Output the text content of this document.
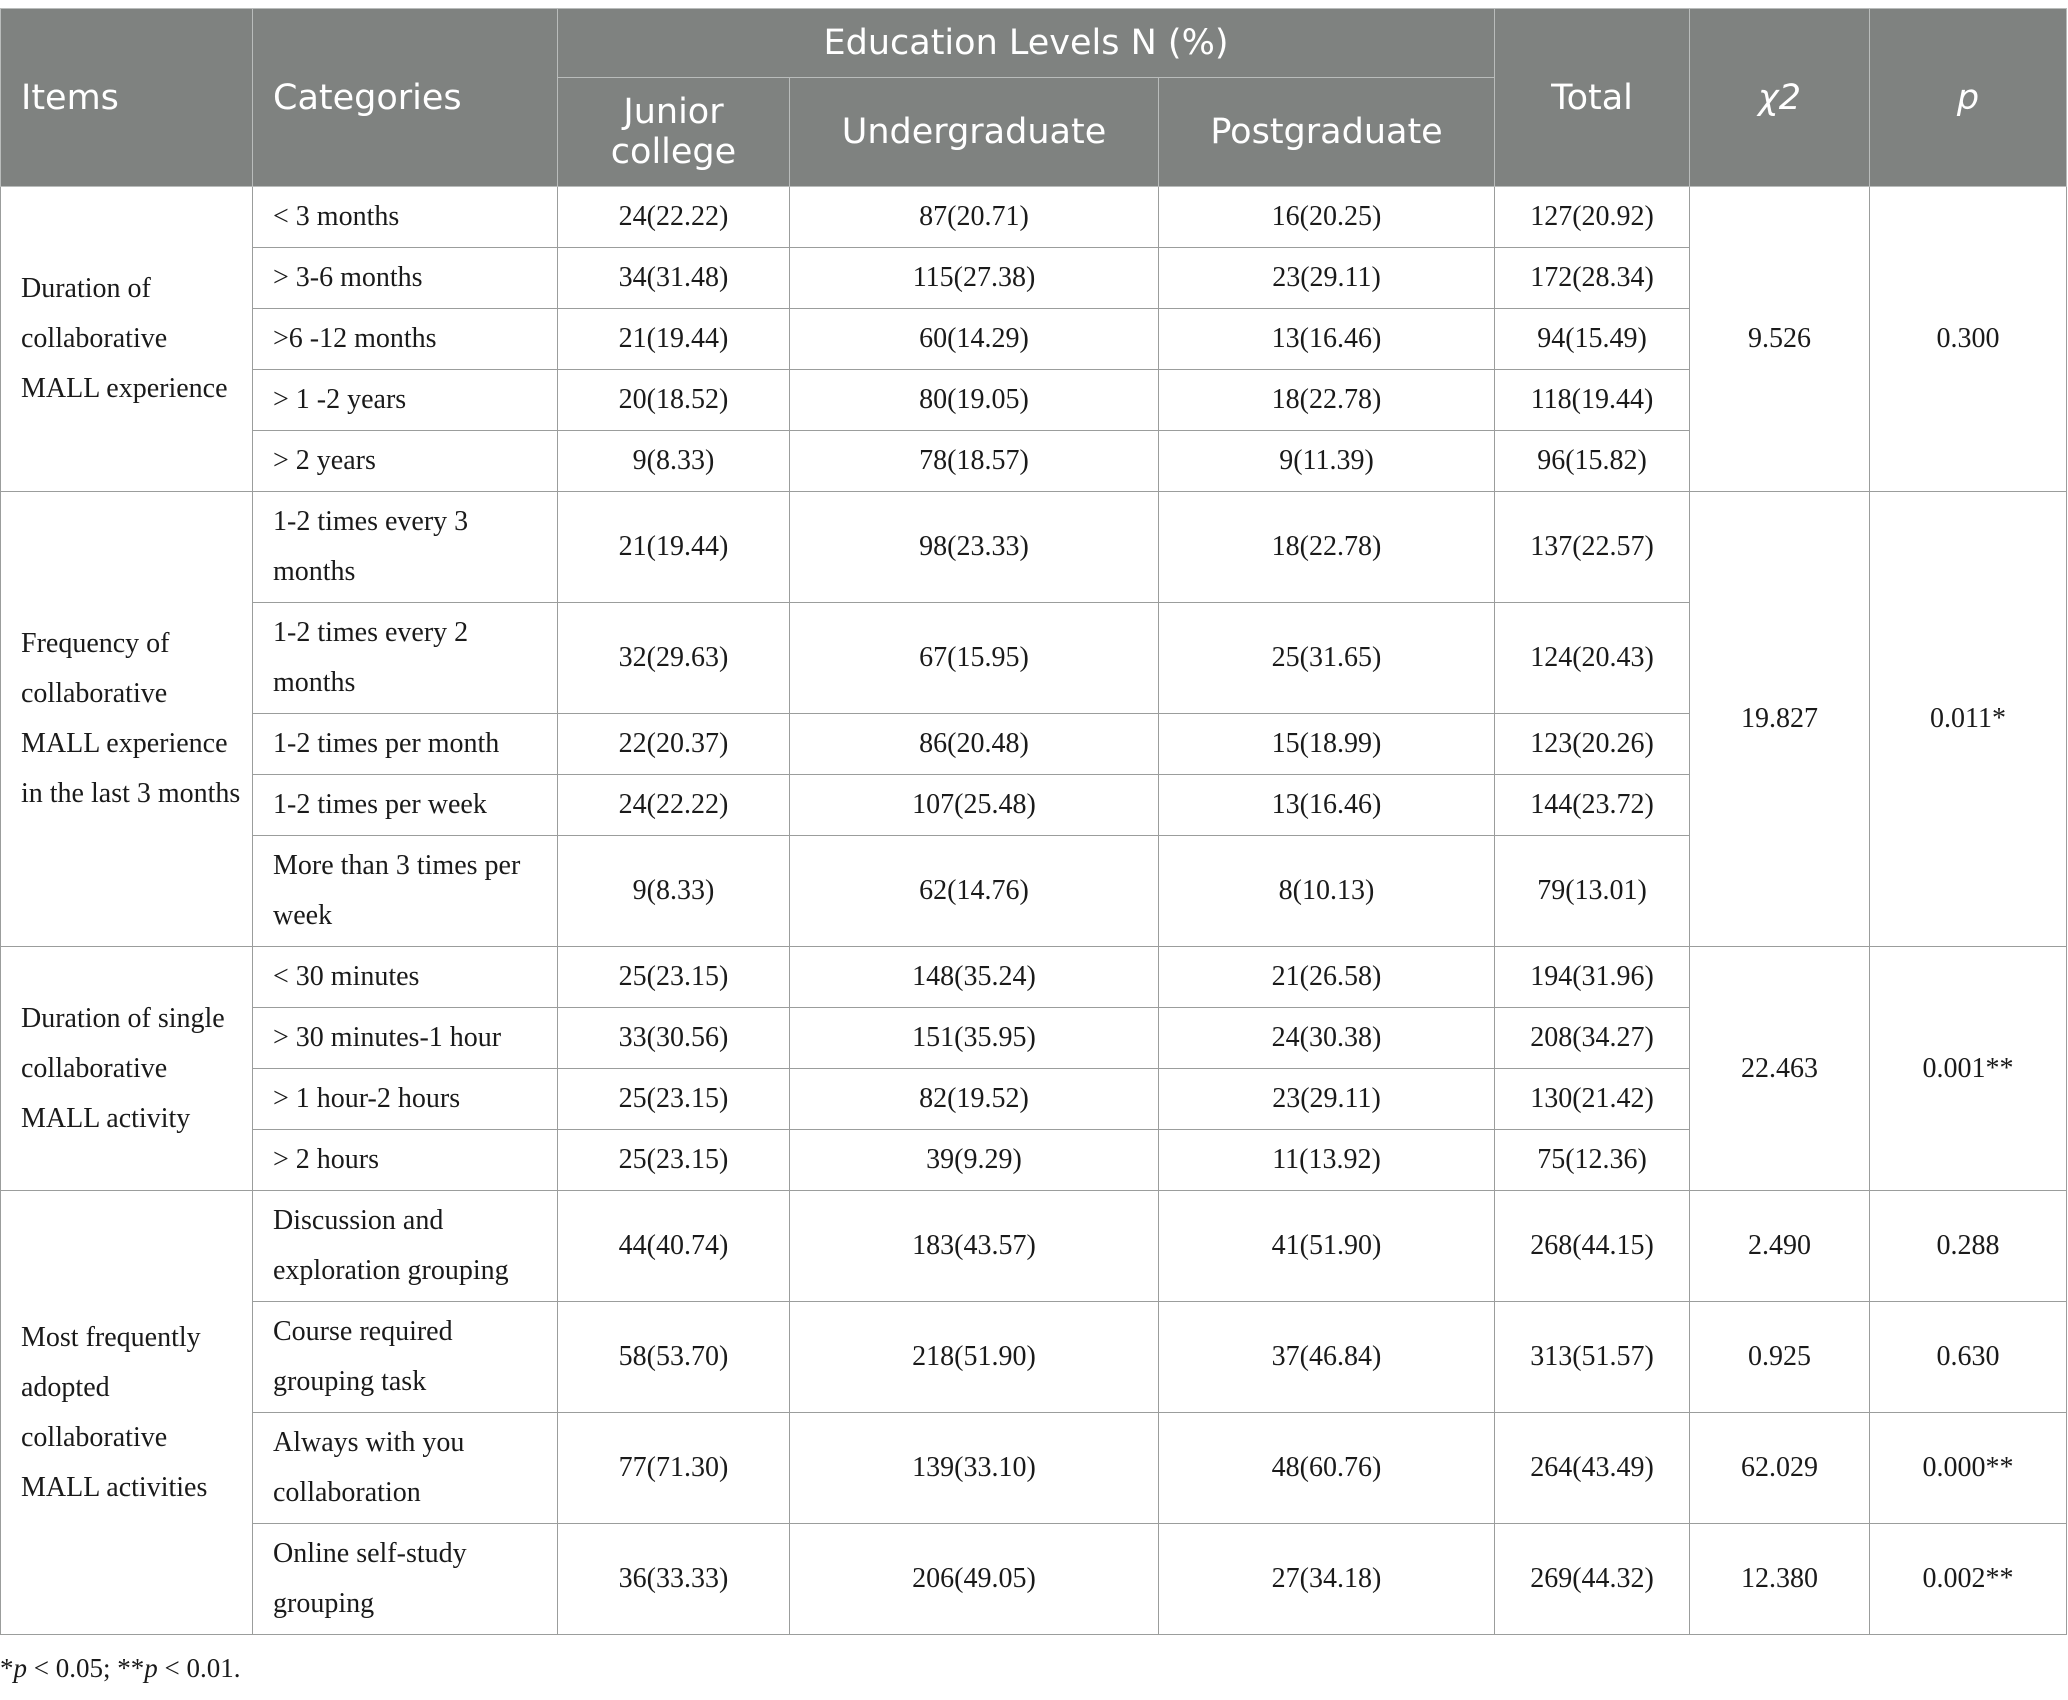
Items	Categories	Education Levels N (%)			Total	χ2	p
		Junior college	Undergraduate	Postgraduate			
Duration of collaborative MALL experience	< 3 months	24(22.22)	87(20.71)	16(20.25)	127(20.92)	9.526	0.300
	> 3-6 months	34(31.48)	115(27.38)	23(29.11)	172(28.34)		
	>6 -12 months	21(19.44)	60(14.29)	13(16.46)	94(15.49)		
	> 1 -2 years	20(18.52)	80(19.05)	18(22.78)	118(19.44)		
	> 2 years	9(8.33)	78(18.57)	9(11.39)	96(15.82)		
Frequency of collaborative MALL experience in the last 3 months	1-2 times every 3 months	21(19.44)	98(23.33)	18(22.78)	137(22.57)	19.827	0.011*
	1-2 times every 2 months	32(29.63)	67(15.95)	25(31.65)	124(20.43)		
	1-2 times per month	22(20.37)	86(20.48)	15(18.99)	123(20.26)		
	1-2 times per week	24(22.22)	107(25.48)	13(16.46)	144(23.72)		
	More than 3 times per week	9(8.33)	62(14.76)	8(10.13)	79(13.01)		
Duration of single collaborative MALL activity	< 30 minutes	25(23.15)	148(35.24)	21(26.58)	194(31.96)	22.463	0.001**
	> 30 minutes-1 hour	33(30.56)	151(35.95)	24(30.38)	208(34.27)		
	> 1 hour-2 hours	25(23.15)	82(19.52)	23(29.11)	130(21.42)		
	> 2 hours	25(23.15)	39(9.29)	11(13.92)	75(12.36)		
Most frequently adopted collaborative MALL activities	Discussion and exploration grouping	44(40.74)	183(43.57)	41(51.90)	268(44.15)	2.490	0.288
	Course required grouping task	58(53.70)	218(51.90)	37(46.84)	313(51.57)	0.925	0.630
	Always with you collaboration	77(71.30)	139(33.10)	48(60.76)	264(43.49)	62.029	0.000**
	Online self-study grouping	36(33.33)	206(49.05)	27(34.18)	269(44.32)	12.380	0.002**
*p < 0.05; **p < 0.01.
